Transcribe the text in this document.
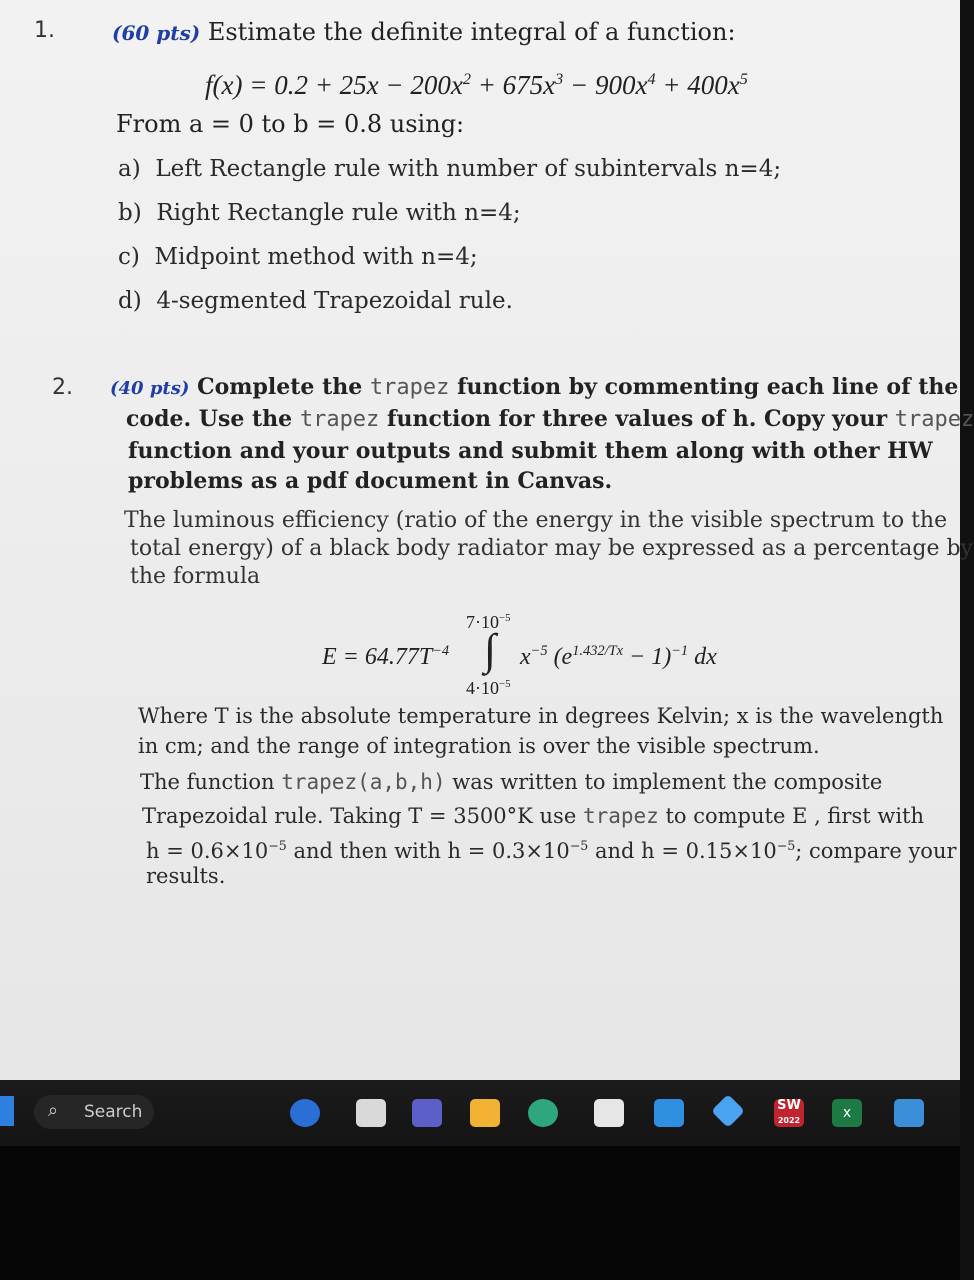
1.	(60 pts) Estimate the definite integral of a function:
$f(x) = 0.2 + 25x - 200x^2 + 675x^3 - 900x^4 + 400x^5$
From a = 0 to b = 0.8 using:
a) Left Rectangle rule with number of subintervals n=4;
b) Right Rectangle rule with n=4;
c) Midpoint method with n=4;
d) 4-segmented Trapezoidal rule.
2. (40 pts) Complete the trapez function by commenting each line of the
code. Use the trapez function for three values of h. Copy your trapez
function and your outputs and submit them along with other HW
problems as a pdf document in Canvas.
The luminous efficiency (ratio of the energy in the visible spectrum to the
total energy) of a black body radiator may be expressed as a percentage by
the formula
$7\cdot 10^{-5}$
$E = 64.77T^{-4}$ ∫ $x^{-5}$ $(e^{1.432/Tx} - 1)^{-1}$ dx
$4\cdot 10^{-5}$
Where T is the absolute temperature in degrees Kelvin; x is the wavelength
in cm; and the range of integration is over the visible spectrum.
The function trapez(a,b,h) was written to implement the composite
Trapezoidal rule. Taking T = 3500°K use trapez to compute E , first with
$h = 0.6\times 10^{-5}$ and then with $h = 0.3\times 10^{-5}$ and $h = 0.15\times 10^{-5}$; compare your
results.
⌕ Search	SW
2022	x
